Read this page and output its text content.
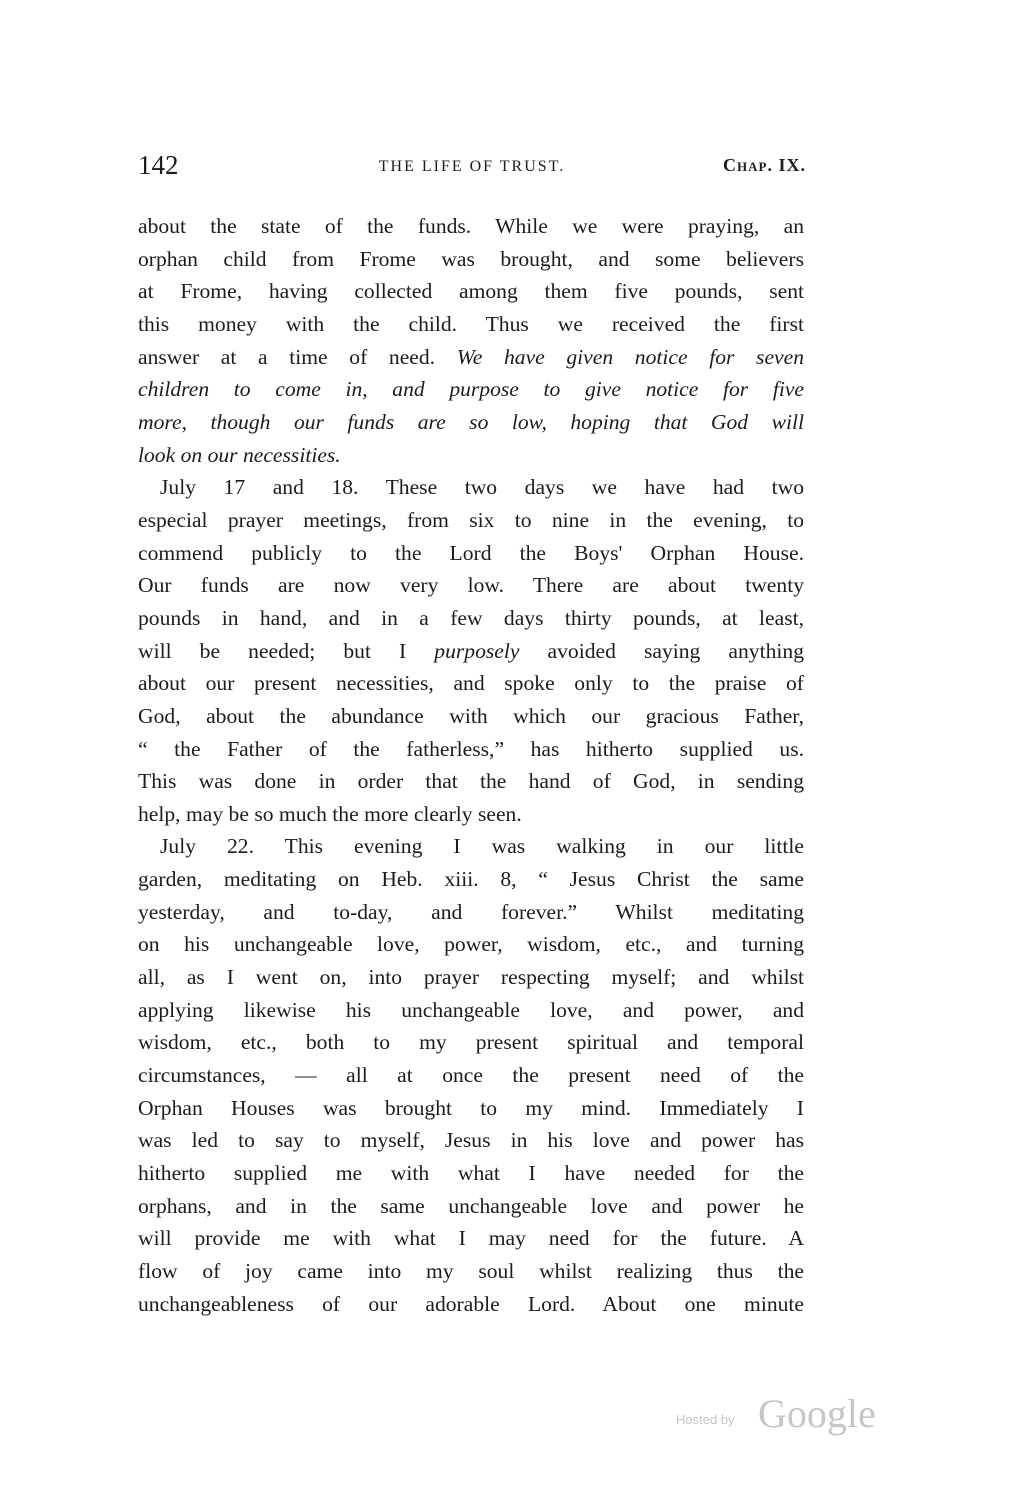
142	THE LIFE OF TRUST.	Chap. IX.
about the state of the funds. While we were praying, an
orphan child from Frome was brought, and some believers
at Frome, having collected among them five pounds, sent
this money with the child. Thus we received the first
answer at a time of need. We have given notice for seven
children to come in, and purpose to give notice for five
more, though our funds are so low, hoping that God will
look on our necessities.
July 17 and 18. These two days we have had two
especial prayer meetings, from six to nine in the evening, to
commend publicly to the Lord the Boys' Orphan House.
Our funds are now very low. There are about twenty
pounds in hand, and in a few days thirty pounds, at least,
will be needed; but I purposely avoided saying anything
about our present necessities, and spoke only to the praise of
God, about the abundance with which our gracious Father,
“ the Father of the fatherless,” has hitherto supplied us.
This was done in order that the hand of God, in sending
help, may be so much the more clearly seen.
July 22. This evening I was walking in our little
garden, meditating on Heb. xiii. 8, “ Jesus Christ the same
yesterday, and to-day, and forever.” Whilst meditating
on his unchangeable love, power, wisdom, etc., and turning
all, as I went on, into prayer respecting myself; and whilst
applying likewise his unchangeable love, and power, and
wisdom, etc., both to my present spiritual and temporal
circumstances, — all at once the present need of the
Orphan Houses was brought to my mind. Immediately I
was led to say to myself, Jesus in his love and power has
hitherto supplied me with what I have needed for the
orphans, and in the same unchangeable love and power he
will provide me with what I may need for the future. A
flow of joy came into my soul whilst realizing thus the
unchangeableness of our adorable Lord. About one minute
Hosted by Google
